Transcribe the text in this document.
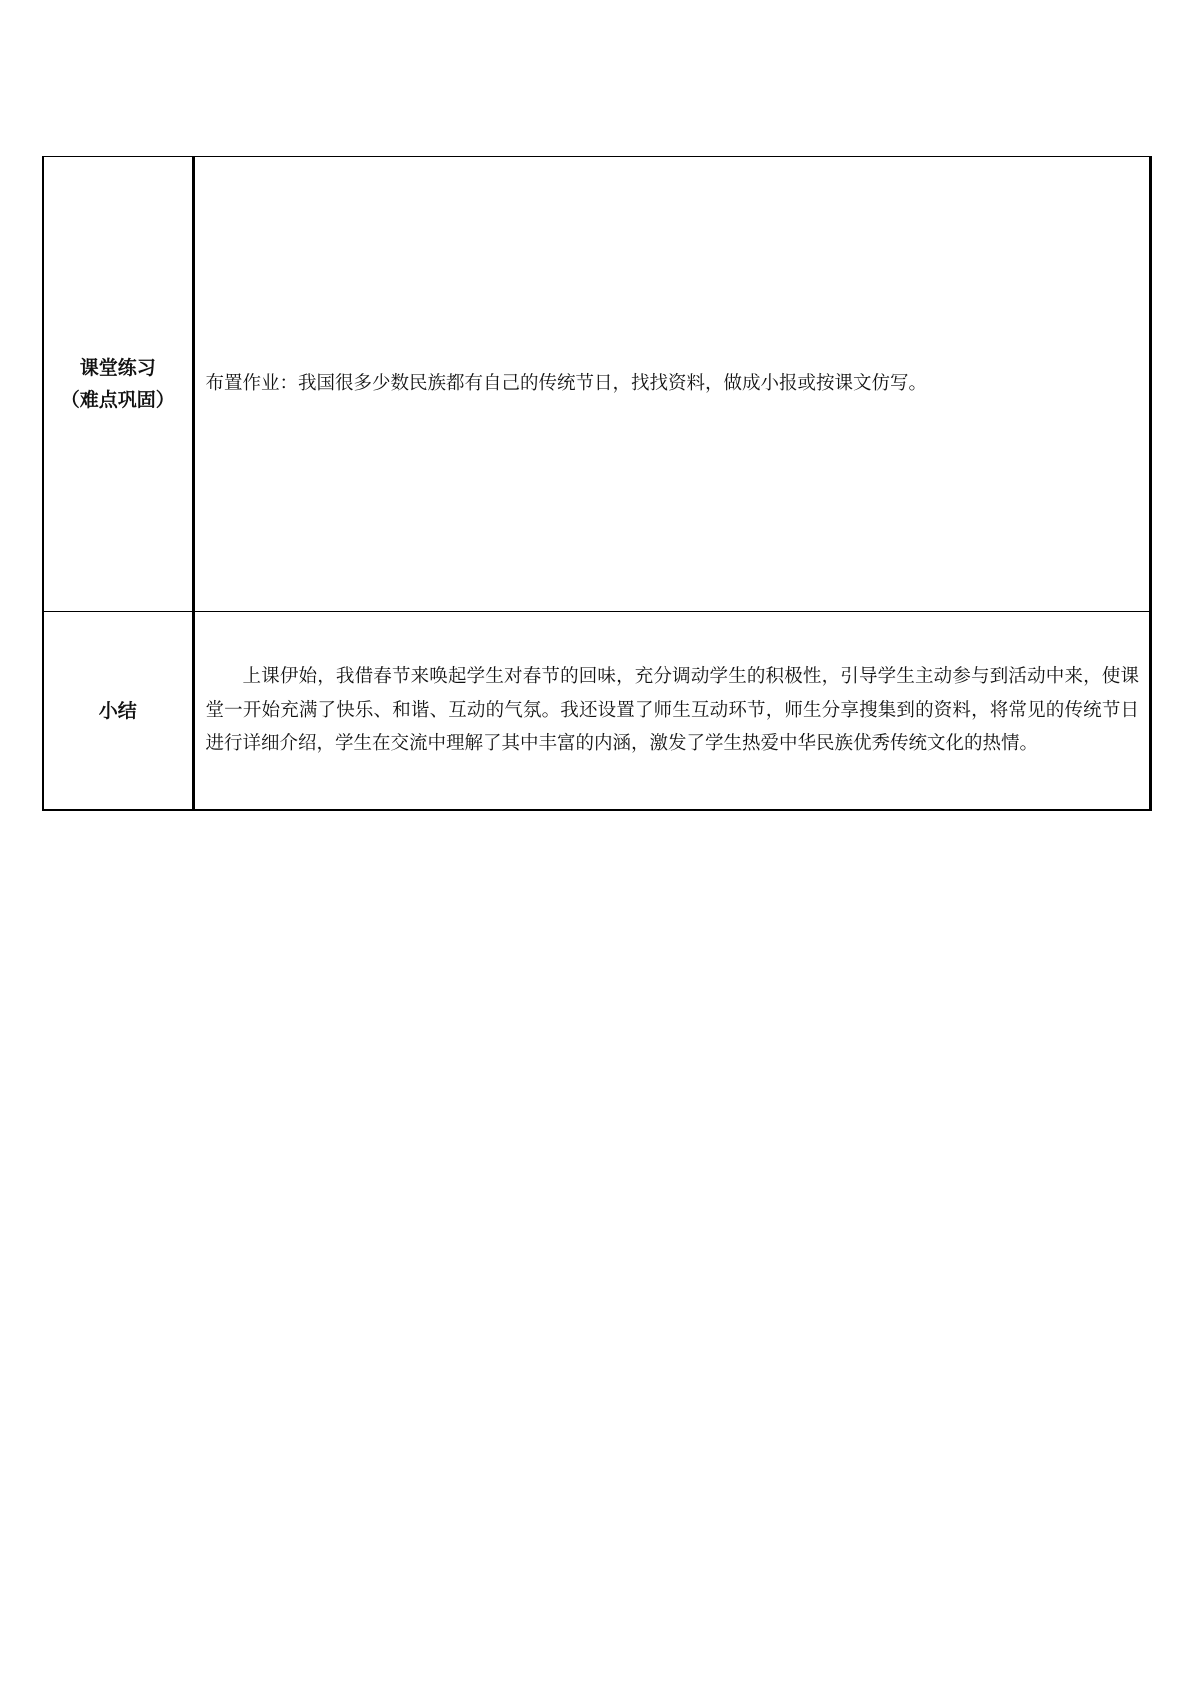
课堂练习
（难点巩固）	布置作业：我国很多少数民族都有自己的传统节日，找找资料，做成小报或按课文仿写。

小结	上课伊始，我借春节来唤起学生对春节的回味，充分调动学生的积极性，引导学生主动参与到活动中来，使课堂一开始充满了快乐、和谐、互动的气氛。我还设置了师生互动环节，师生分享搜集到的资料，将常见的传统节日进行详细介绍，学生在交流中理解了其中丰富的内涵，激发了学生热爱中华民族优秀传统文化的热情。
